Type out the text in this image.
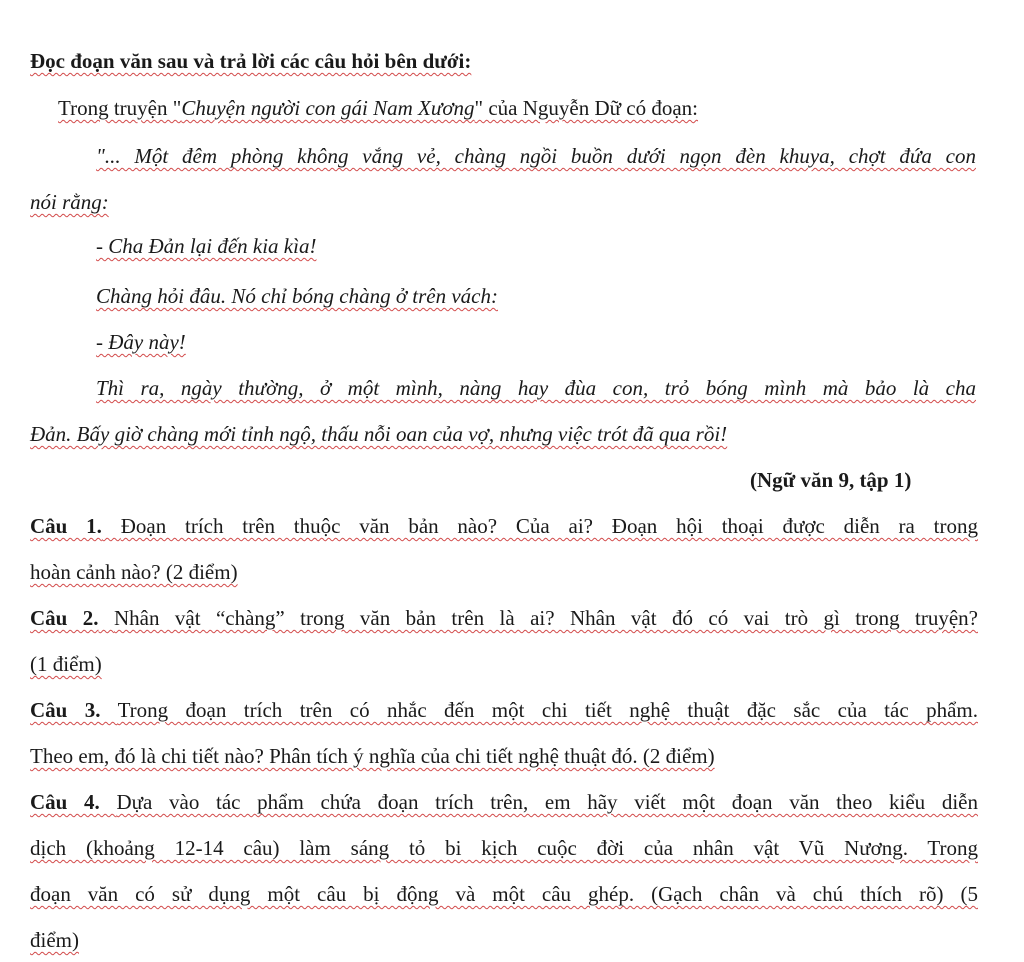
Đọc đoạn văn sau và trả lời các câu hỏi bên dưới:
Trong truyện "Chuyện người con gái Nam Xương" của Nguyễn Dữ có đoạn:
"... Một đêm phòng không vắng vẻ, chàng ngồi buồn dưới ngọn đèn khuya, chợt đứa con
nói rằng:
- Cha Đản lại đến kia kìa!
Chàng hỏi đâu. Nó chỉ bóng chàng ở trên vách:
- Đây này!
Thì ra, ngày thường, ở một mình, nàng hay đùa con, trỏ bóng mình mà bảo là cha
Đản. Bấy giờ chàng mới tỉnh ngộ, thấu nỗi oan của vợ, nhưng việc trót đã qua rồi!
(Ngữ văn 9, tập 1)
Câu 1. Đoạn trích trên thuộc văn bản nào? Của ai? Đoạn hội thoại được diễn ra trong
hoàn cảnh nào? (2 điểm)
Câu 2. Nhân vật “chàng” trong văn bản trên là ai? Nhân vật đó có vai trò gì trong truyện?
(1 điểm)
Câu 3. Trong đoạn trích trên có nhắc đến một chi tiết nghệ thuật đặc sắc của tác phẩm.
Theo em, đó là chi tiết nào? Phân tích ý nghĩa của chi tiết nghệ thuật đó. (2 điểm)
Câu 4. Dựa vào tác phẩm chứa đoạn trích trên, em hãy viết một đoạn văn theo kiểu diễn
dịch (khoảng 12-14 câu) làm sáng tỏ bi kịch cuộc đời của nhân vật Vũ Nương. Trong
đoạn văn có sử dụng một câu bị động và một câu ghép. (Gạch chân và chú thích rõ) (5
điểm)
